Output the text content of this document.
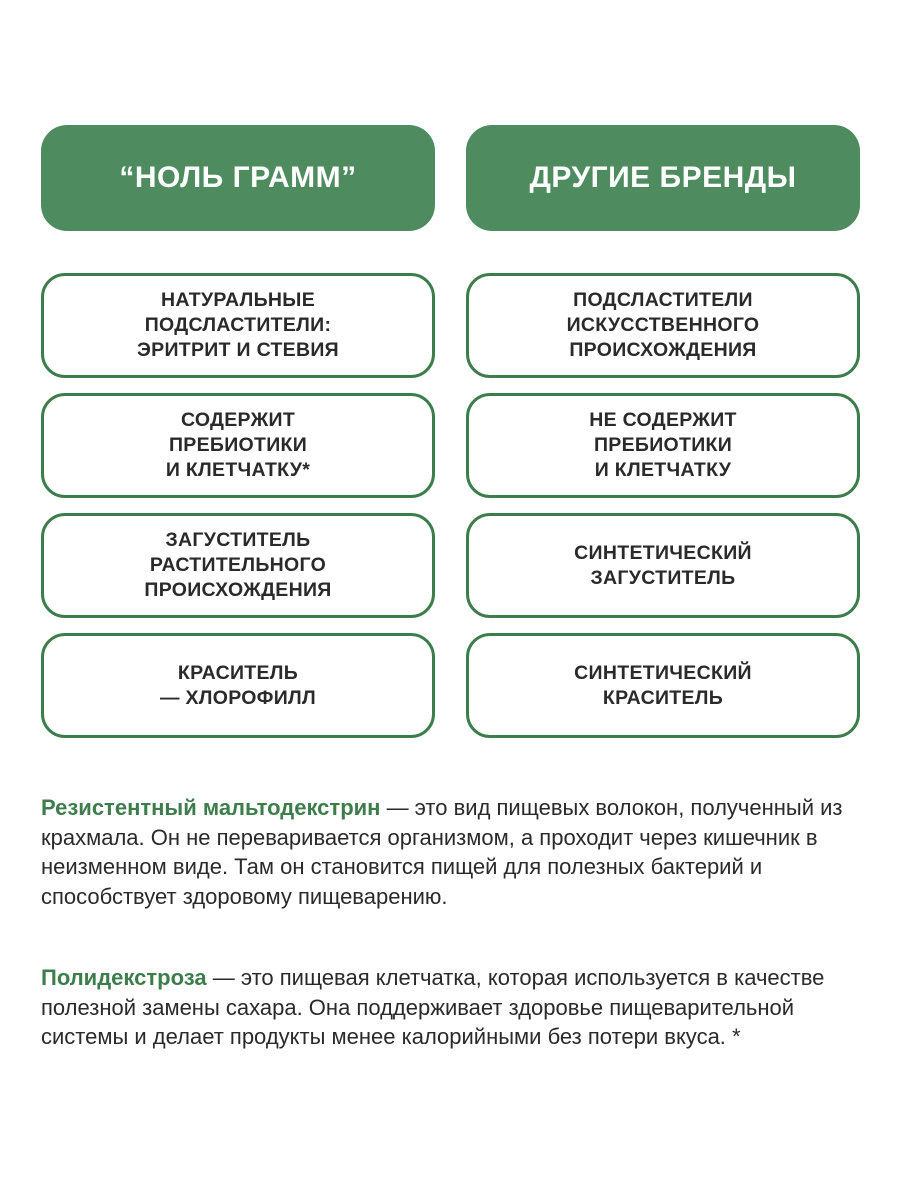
“НОЛЬ ГРАММ”	ДРУГИЕ БРЕНДЫ
НАТУРАЛЬНЫЕ
ПОДСЛАСТИТЕЛИ:
ЭРИТРИТ И СТЕВИЯ
ПОДСЛАСТИТЕЛИ
ИСКУССТВЕННОГО
ПРОИСХОЖДЕНИЯ
СОДЕРЖИТ
ПРЕБИОТИКИ
И КЛЕТЧАТКУ*
НЕ СОДЕРЖИТ
ПРЕБИОТИКИ
И КЛЕТЧАТКУ
ЗАГУСТИТЕЛЬ
РАСТИТЕЛЬНОГО
ПРОИСХОЖДЕНИЯ
СИНТЕТИЧЕСКИЙ
ЗАГУСТИТЕЛЬ
КРАСИТЕЛЬ
— ХЛОРОФИЛЛ
СИНТЕТИЧЕСКИЙ
КРАСИТЕЛЬ

Резистентный мальтодекстрин — это вид пищевых волокон, полученный из крахмала. Он не переваривается организмом, а проходит через кишечник в неизменном виде. Там он становится пищей для полезных бактерий и способствует здоровому пищеварению.

Полидекстроза — это пищевая клетчатка, которая используется в качестве полезной замены сахара. Она поддерживает здоровье пищеварительной системы и делает продукты менее калорийными без потери вкуса. *
